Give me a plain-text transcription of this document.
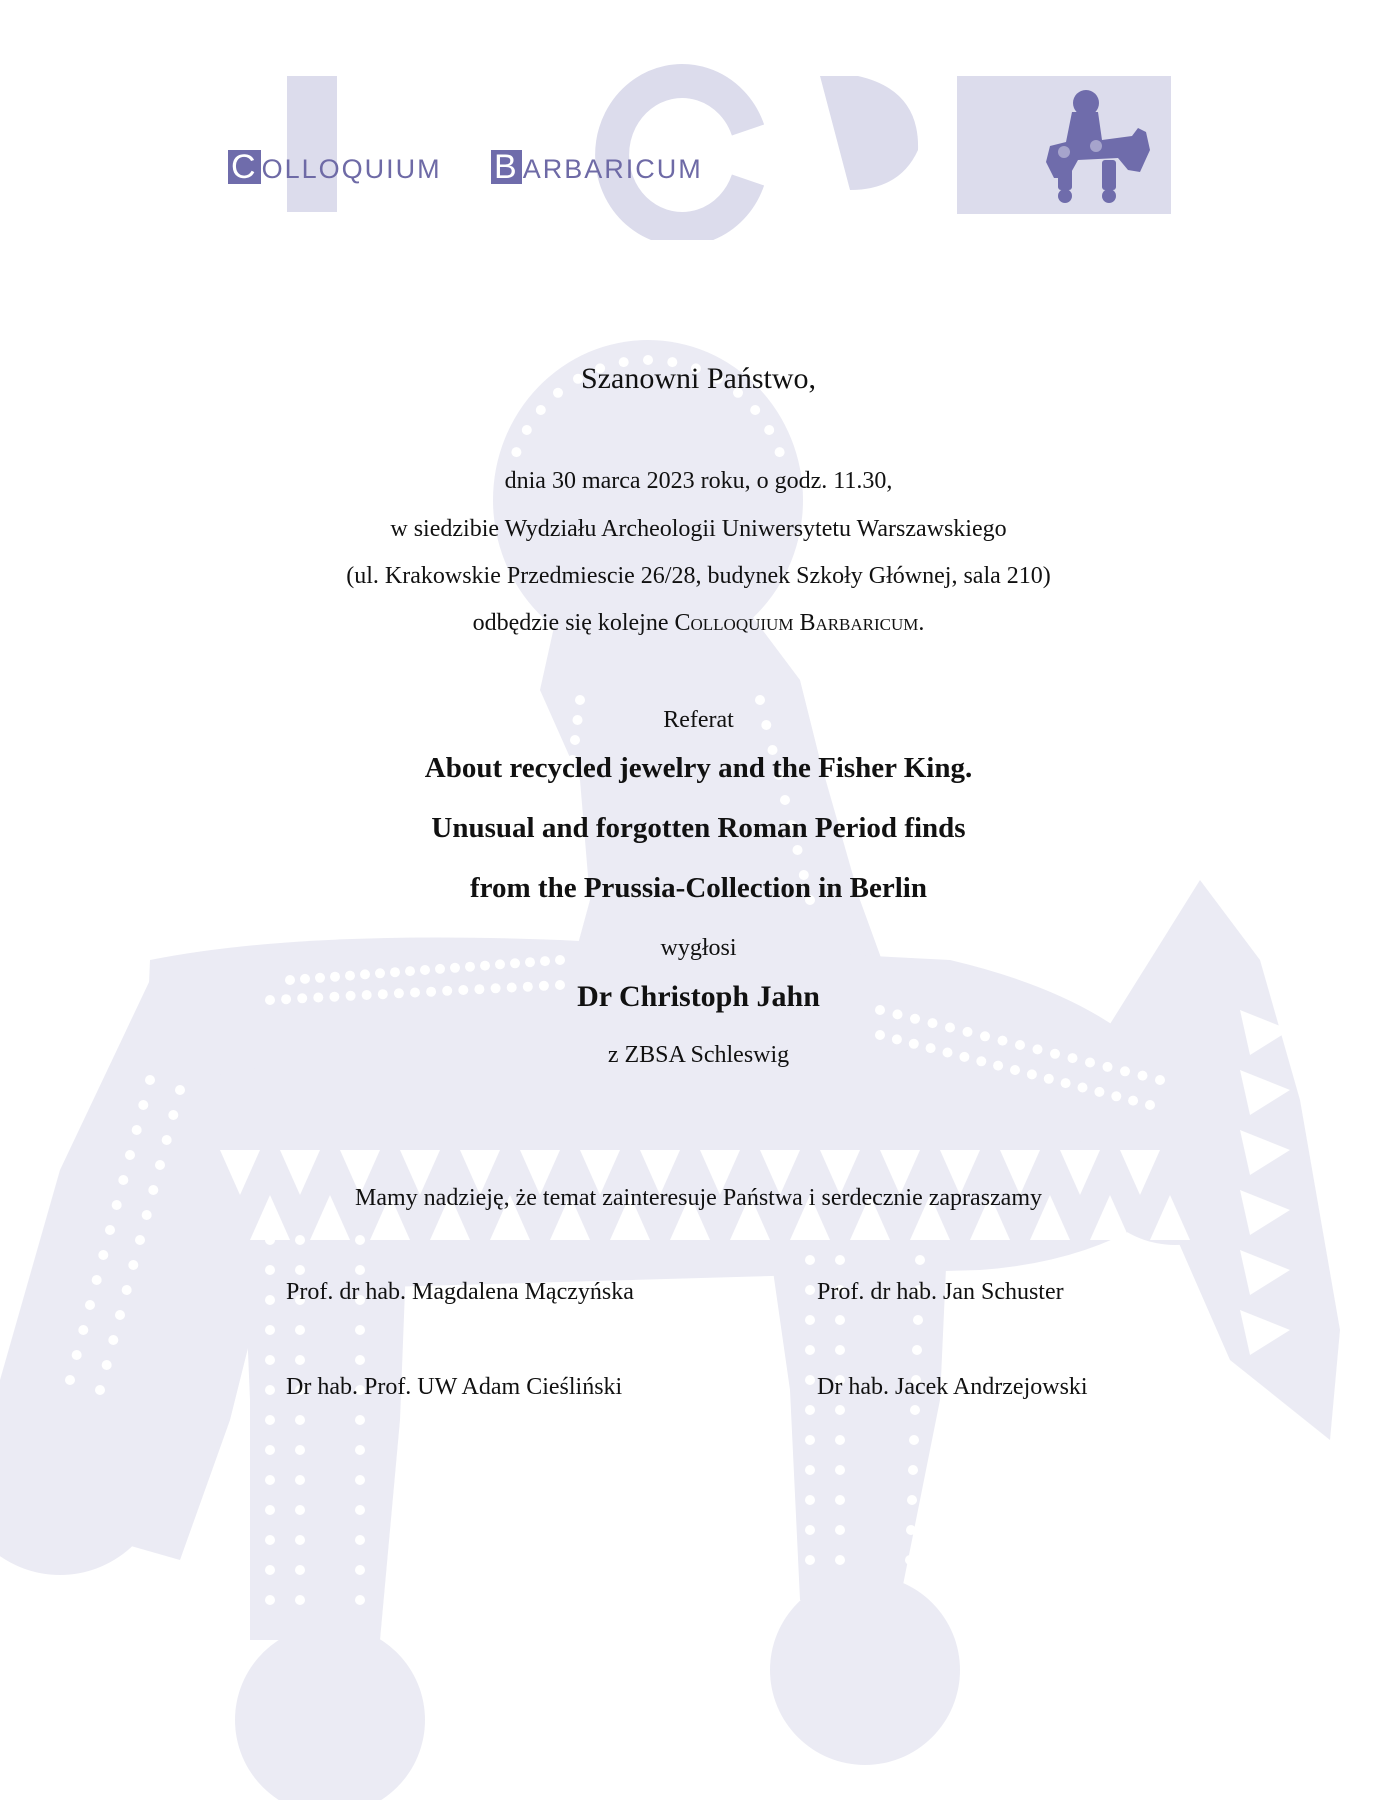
C OLLOQUIUM B ARBARICUM
Szanowni Państwo,
dnia 30 marca 2023 roku, o godz. 11.30,
w siedzibie Wydziału Archeologii Uniwersytetu Warszawskiego
(ul. Krakowskie Przedmiescie 26/28, budynek Szkoły Głównej, sala 210)
odbędzie się kolejne Colloquium Barbaricum.
Referat
About recycled jewelry and the Fisher King.
Unusual and forgotten Roman Period finds
from the Prussia-Collection in Berlin
wygłosi
Dr Christoph Jahn
z ZBSA Schleswig
Mamy nadzieję, że temat zainteresuje Państwa i serdecznie zapraszamy
Prof. dr hab. Magdalena Mączyńska	Prof. dr hab. Jan Schuster
Dr hab. Prof. UW Adam Cieśliński	Dr hab. Jacek Andrzejowski
